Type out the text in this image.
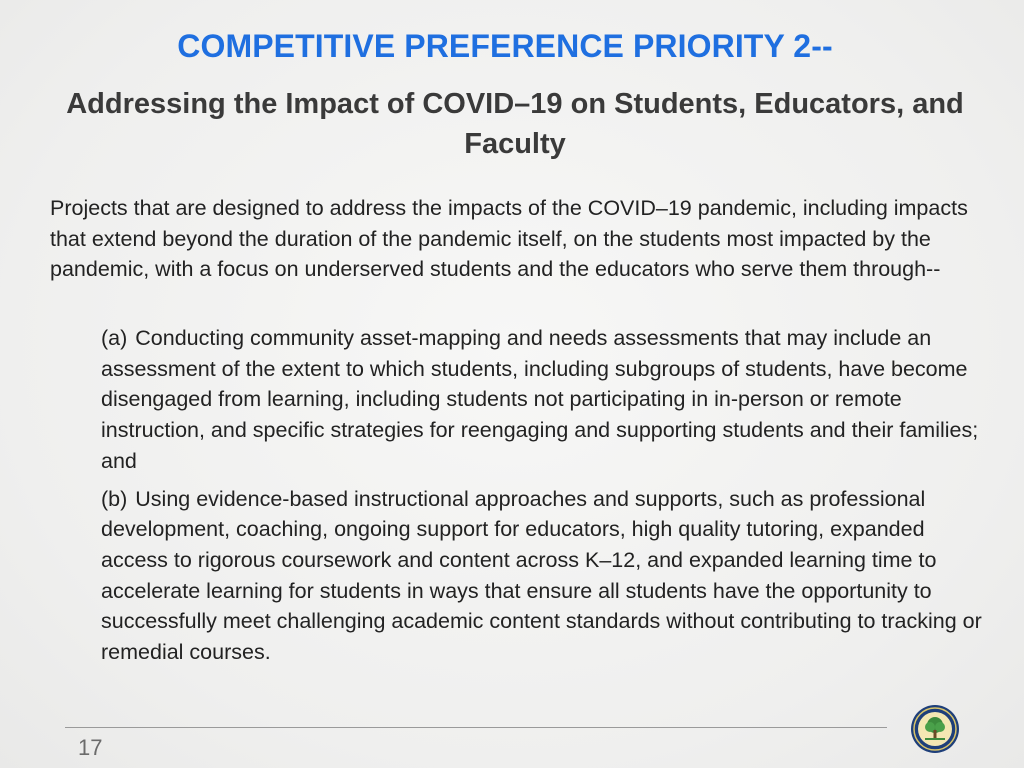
COMPETITIVE PREFERENCE PRIORITY 2--
Addressing the Impact of COVID–19 on Students, Educators, and Faculty

Projects that are designed to address the impacts of the COVID–19 pandemic, including impacts that extend beyond the duration of the pandemic itself, on the students most impacted by the pandemic, with a focus on underserved students and the educators who serve them through--

(a) Conducting community asset-mapping and needs assessments that may include an assessment of the extent to which students, including subgroups of students, have become disengaged from learning, including students not participating in in-person or remote instruction, and specific strategies for reengaging and supporting students and their families; and
(b) Using evidence-based instructional approaches and supports, such as professional development, coaching, ongoing support for educators, high quality tutoring, expanded access to rigorous coursework and content across K–12, and expanded learning time to accelerate learning for students in ways that ensure all students have the opportunity to successfully meet challenging academic content standards without contributing to tracking or remedial courses.

17
